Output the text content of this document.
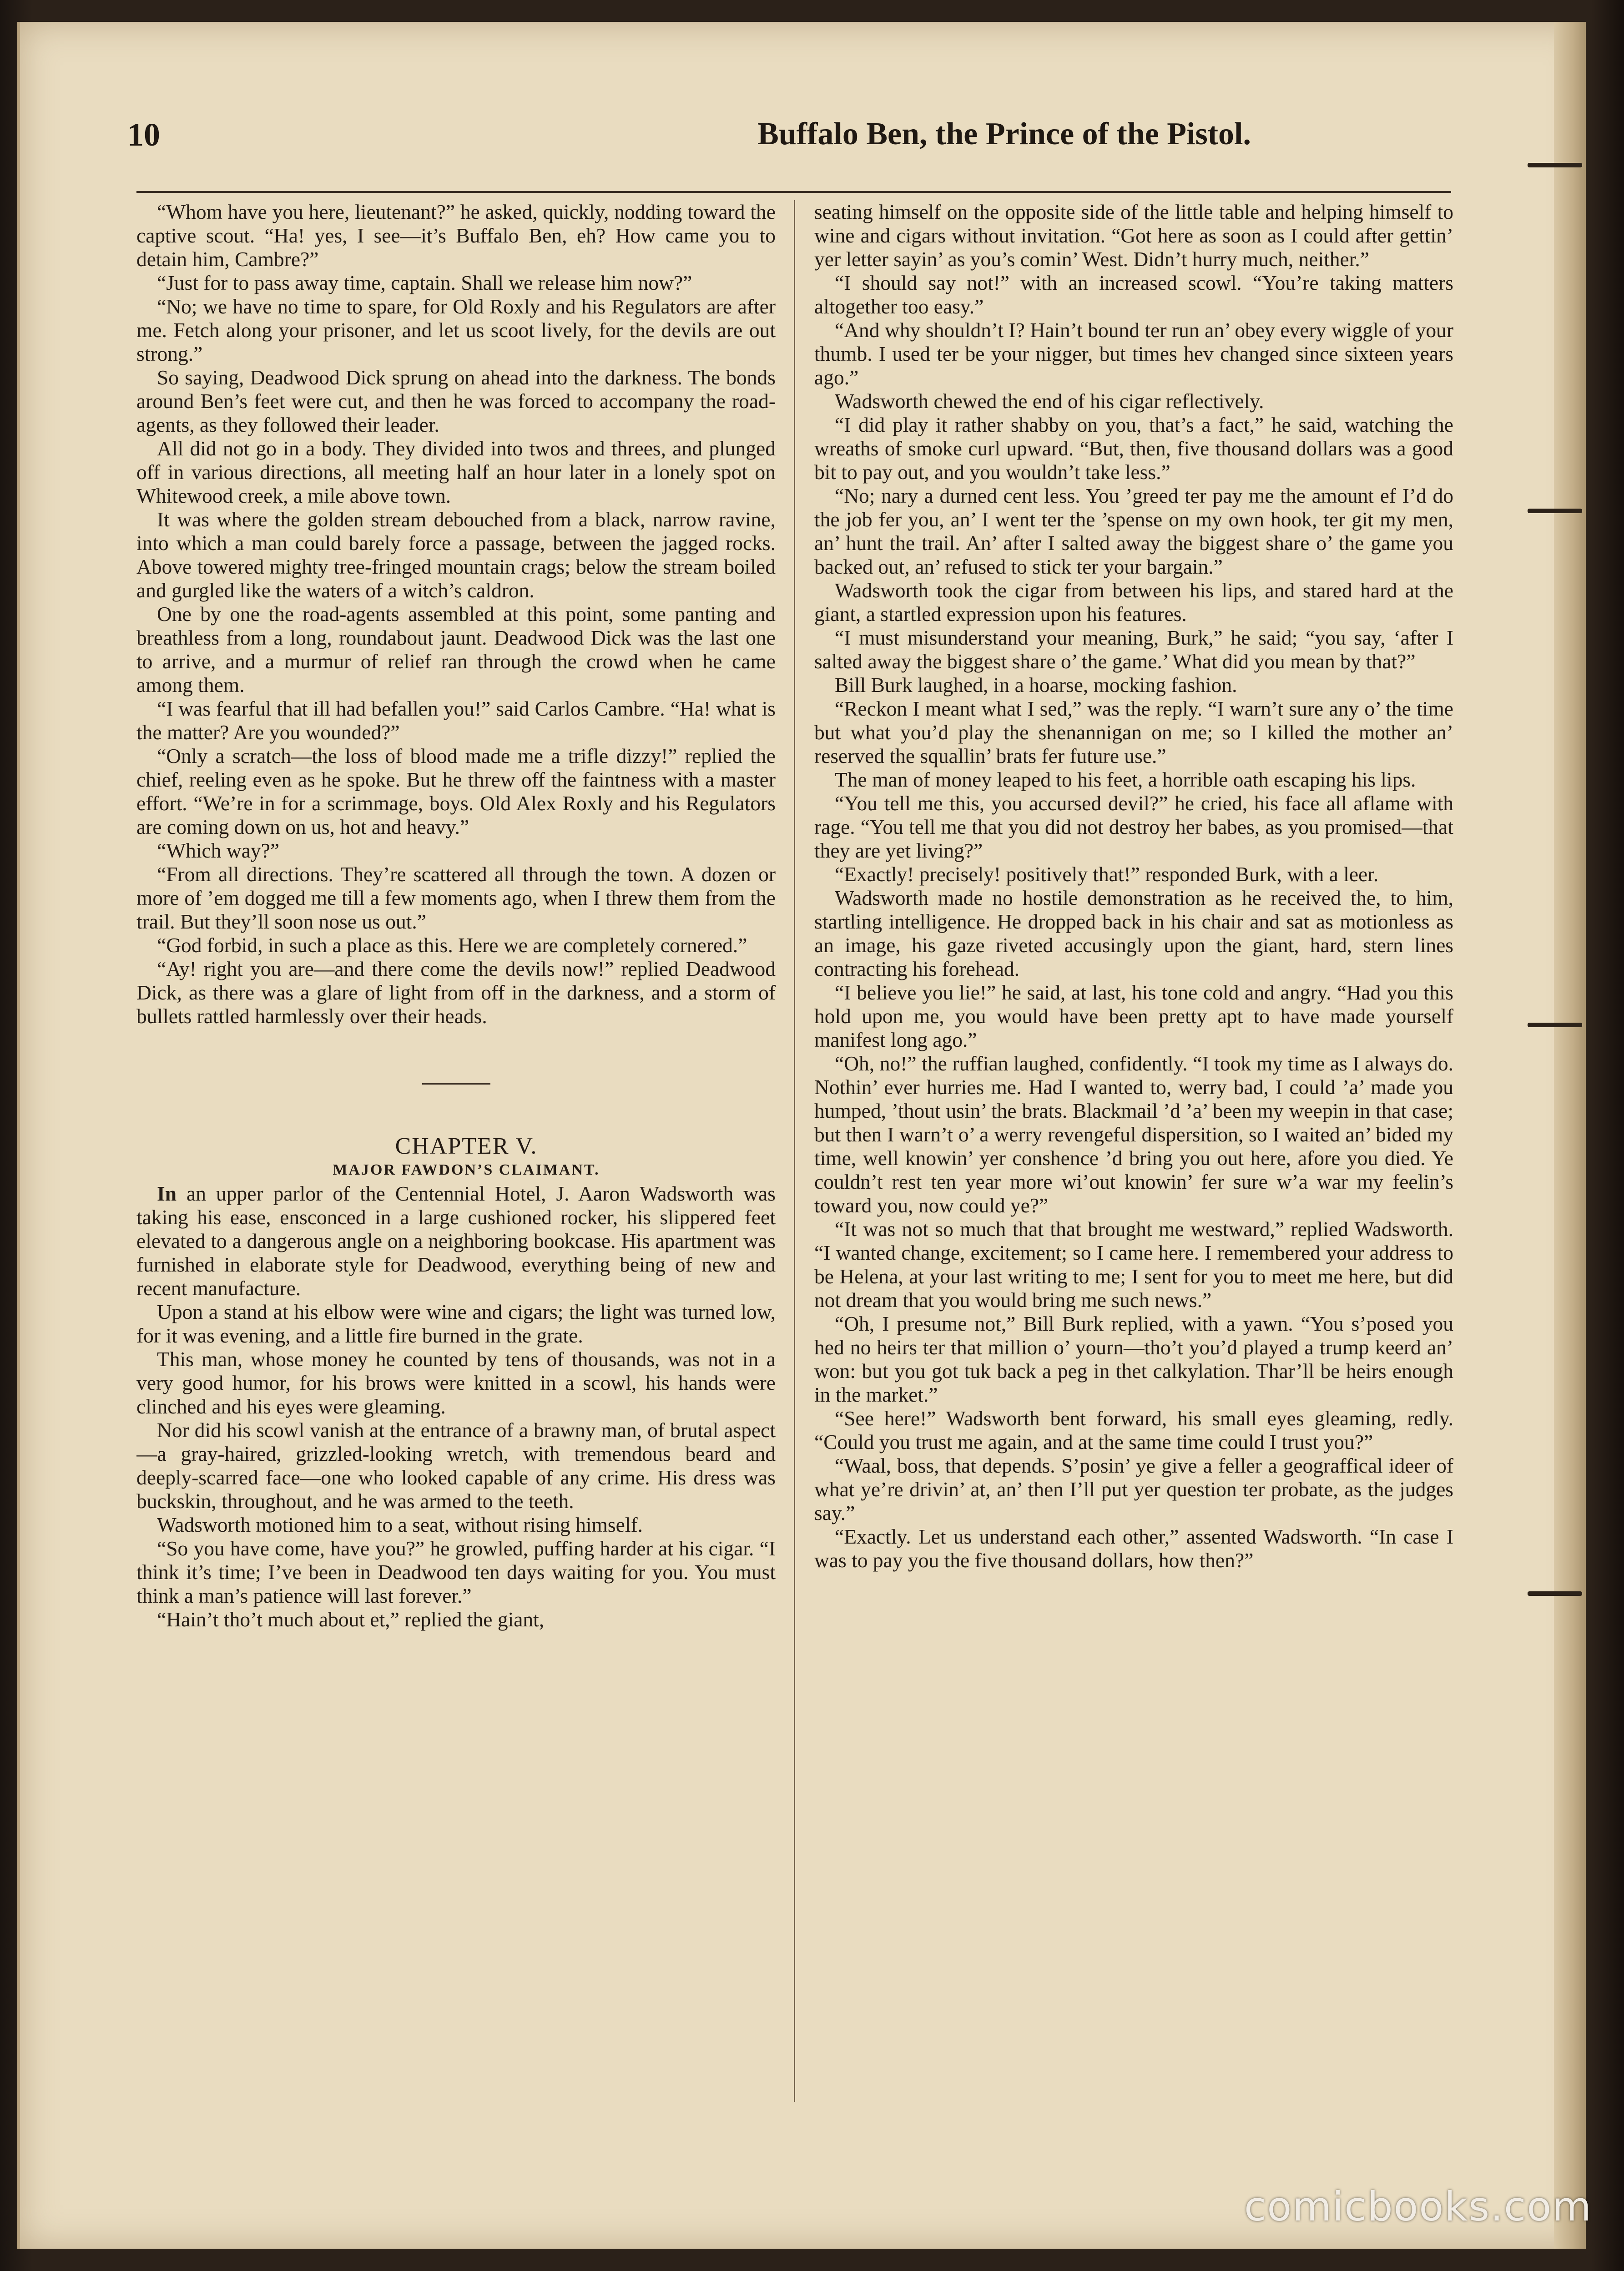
10	Buffalo Ben, the Prince of the Pistol.

“Whom have you here, lieutenant?” he asked, quickly, nodding toward the captive scout. “Ha! yes, I see—it’s Buffalo Ben, eh? How came you to detain him, Cambre?”

“Just for to pass away time, captain. Shall we release him now?”

“No; we have no time to spare, for Old Roxly and his Regulators are after me. Fetch along your prisoner, and let us scoot lively, for the devils are out strong.”

So saying, Deadwood Dick sprung on ahead into the darkness. The bonds around Ben’s feet were cut, and then he was forced to accompany the road-agents, as they followed their leader.

All did not go in a body. They divided into twos and threes, and plunged off in various directions, all meeting half an hour later in a lonely spot on Whitewood creek, a mile above town.

It was where the golden stream debouched from a black, narrow ravine, into which a man could barely force a passage, between the jagged rocks. Above towered mighty tree-fringed mountain crags; below the stream boiled and gurgled like the waters of a witch’s caldron.

One by one the road-agents assembled at this point, some panting and breathless from a long, roundabout jaunt. Deadwood Dick was the last one to arrive, and a murmur of relief ran through the crowd when he came among them.

“I was fearful that ill had befallen you!” said Carlos Cambre. “Ha! what is the matter? Are you wounded?”

“Only a scratch—the loss of blood made me a trifle dizzy!” replied the chief, reeling even as he spoke. But he threw off the faintness with a master effort. “We’re in for a scrimmage, boys. Old Alex Roxly and his Regulators are coming down on us, hot and heavy.”

“Which way?”

“From all directions. They’re scattered all through the town. A dozen or more of ’em dogged me till a few moments ago, when I threw them from the trail. But they’ll soon nose us out.”

“God forbid, in such a place as this. Here we are completely cornered.”

“Ay! right you are—and there come the devils now!” replied Deadwood Dick, as there was a glare of light from off in the darkness, and a storm of bullets rattled harmlessly over their heads.

CHAPTER V.

MAJOR FAWDON’S CLAIMANT.

In an upper parlor of the Centennial Hotel, J. Aaron Wadsworth was taking his ease, ensconced in a large cushioned rocker, his slippered feet elevated to a dangerous angle on a neighboring bookcase. His apartment was furnished in elaborate style for Deadwood, everything being of new and recent manufacture.

Upon a stand at his elbow were wine and cigars; the light was turned low, for it was evening, and a little fire burned in the grate.

This man, whose money he counted by tens of thousands, was not in a very good humor, for his brows were knitted in a scowl, his hands were clinched and his eyes were gleaming.

Nor did his scowl vanish at the entrance of a brawny man, of brutal aspect—a gray-haired, grizzled-looking wretch, with tremendous beard and deeply-scarred face—one who looked capable of any crime. His dress was buckskin, throughout, and he was armed to the teeth.

Wadsworth motioned him to a seat, without rising himself.

“So you have come, have you?” he growled, puffing harder at his cigar. “I think it’s time; I’ve been in Deadwood ten days waiting for you. You must think a man’s patience will last forever.”

“Hain’t tho’t much about et,” replied the giant,

seating himself on the opposite side of the little table and helping himself to wine and cigars without invitation. “Got here as soon as I could after gettin’ yer letter sayin’ as you’s comin’ West. Didn’t hurry much, neither.”

“I should say not!” with an increased scowl. “You’re taking matters altogether too easy.”

“And why shouldn’t I? Hain’t bound ter run an’ obey every wiggle of your thumb. I used ter be your nigger, but times hev changed since sixteen years ago.”

Wadsworth chewed the end of his cigar reflectively.

“I did play it rather shabby on you, that’s a fact,” he said, watching the wreaths of smoke curl upward. “But, then, five thousand dollars was a good bit to pay out, and you wouldn’t take less.”

“No; nary a durned cent less. You ’greed ter pay me the amount ef I’d do the job fer you, an’ I went ter the ’spense on my own hook, ter git my men, an’ hunt the trail. An’ after I salted away the biggest share o’ the game you backed out, an’ refused to stick ter your bargain.”

Wadsworth took the cigar from between his lips, and stared hard at the giant, a startled expression upon his features.

“I must misunderstand your meaning, Burk,” he said; “you say, ‘after I salted away the biggest share o’ the game.’ What did you mean by that?”

Bill Burk laughed, in a hoarse, mocking fashion.

“Reckon I meant what I sed,” was the reply. “I warn’t sure any o’ the time but what you’d play the shenannigan on me; so I killed the mother an’ reserved the squallin’ brats fer future use.”

The man of money leaped to his feet, a horrible oath escaping his lips.

“You tell me this, you accursed devil?” he cried, his face all aflame with rage. “You tell me that you did not destroy her babes, as you promised—that they are yet living?”

“Exactly! precisely! positively that!” responded Burk, with a leer.

Wadsworth made no hostile demonstration as he received the, to him, startling intelligence. He dropped back in his chair and sat as motionless as an image, his gaze riveted accusingly upon the giant, hard, stern lines contracting his forehead.

“I believe you lie!” he said, at last, his tone cold and angry. “Had you this hold upon me, you would have been pretty apt to have made yourself manifest long ago.”

“Oh, no!” the ruffian laughed, confidently. “I took my time as I always do. Nothin’ ever hurries me. Had I wanted to, werry bad, I could ’a’ made you humped, ’thout usin’ the brats. Blackmail ’d ’a’ been my weepin in that case; but then I warn’t o’ a werry revengeful dispersition, so I waited an’ bided my time, well knowin’ yer conshence ’d bring you out here, afore you died. Ye couldn’t rest ten year more wi’out knowin’ fer sure w’a war my feelin’s toward you, now could ye?”

“It was not so much that that brought me westward,” replied Wadsworth. “I wanted change, excitement; so I came here. I remembered your address to be Helena, at your last writing to me; I sent for you to meet me here, but did not dream that you would bring me such news.”

“Oh, I presume not,” Bill Burk replied, with a yawn. “You s’posed you hed no heirs ter that million o’ yourn—tho’t you’d played a trump keerd an’ won: but you got tuk back a peg in thet calkylation. Thar’ll be heirs enough in the market.”

“See here!” Wadsworth bent forward, his small eyes gleaming, redly. “Could you trust me again, and at the same time could I trust you?”

“Waal, boss, that depends. S’posin’ ye give a feller a geograffical ideer of what ye’re drivin’ at, an’ then I’ll put yer question ter probate, as the judges say.”

“Exactly. Let us understand each other,” assented Wadsworth. “In case I was to pay you the five thousand dollars, how then?”

comicbooks.com
